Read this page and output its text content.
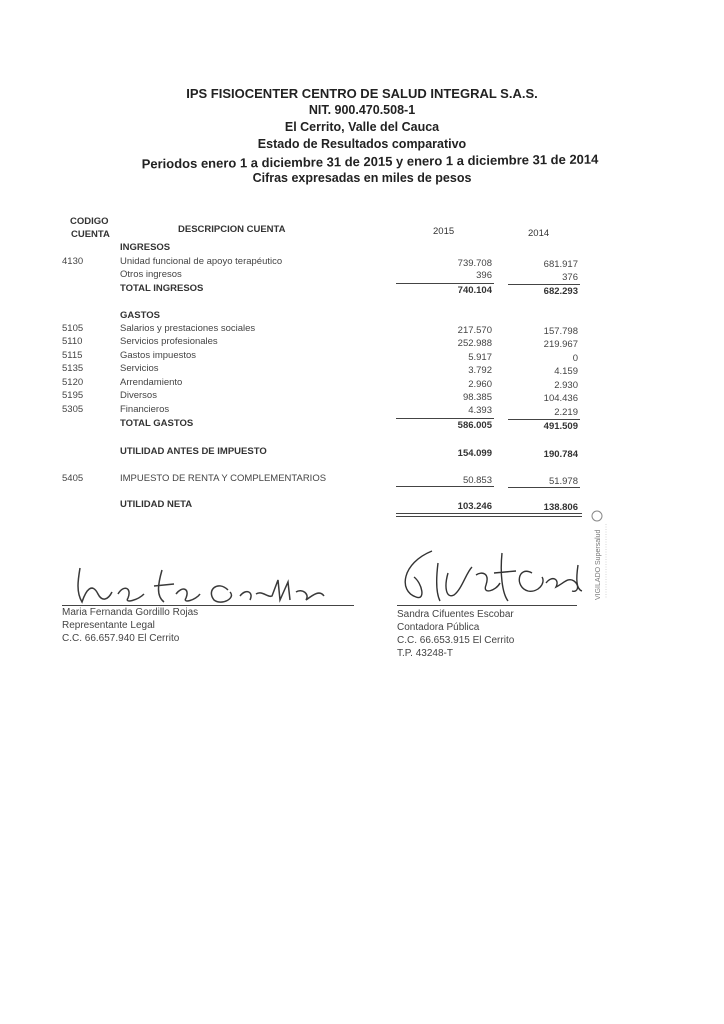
IPS FISIOCENTER CENTRO DE SALUD INTEGRAL S.A.S.
NIT. 900.470.508-1
El Cerrito, Valle del Cauca
Estado de Resultados comparativo
Periodos enero 1 a diciembre 31 de 2015 y enero 1 a diciembre 31 de 2014
Cifras expresadas en miles de pesos
CODIGO
CUENTA	DESCRIPCION CUENTA	2015	2014
INGRESOS
4130	Unidad funcional de apoyo terapéutico	739.708	681.917
Otros ingresos	396	376
TOTAL INGRESOS	740.104	682.293
GASTOS
5105	Salarios y prestaciones sociales	217.570	157.798
5110	Servicios profesionales	252.988	219.967
5115	Gastos impuestos	5.917	0
5135	Servicios	3.792	4.159
5120	Arrendamiento	2.960	2.930
5195	Diversos	98.385	104.436
5305	Financieros	4.393	2.219
TOTAL GASTOS	586.005	491.509
UTILIDAD ANTES DE IMPUESTO	154.099	190.784
5405	IMPUESTO DE RENTA Y COMPLEMENTARIOS	50.853	51.978
UTILIDAD NETA	103.246	138.806
Maria Fernanda Gordillo Rojas
Representante Legal
C.C. 66.657.940 El Cerrito
Sandra Cifuentes Escobar
Contadora Pública
C.C. 66.653.915 El Cerrito
T.P. 43248-T
VIGILADO Supersalud
